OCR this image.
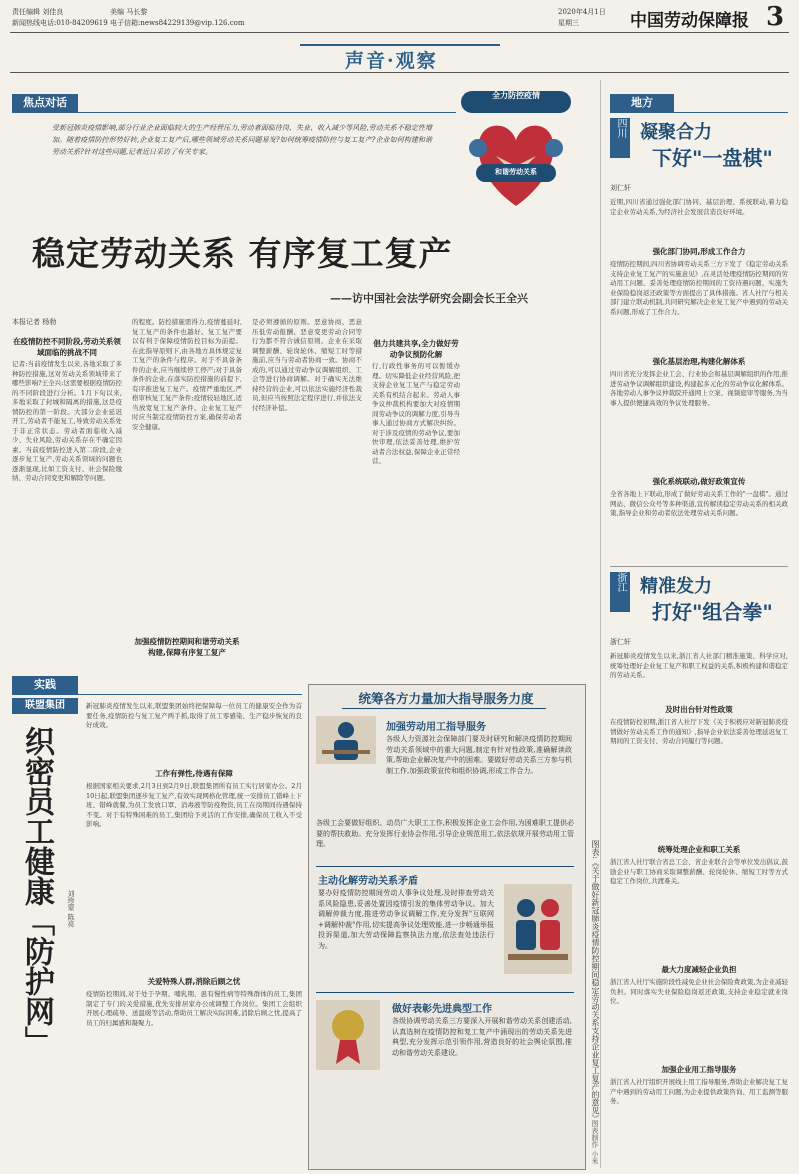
责任编辑 刘佳良
新闻热线电话:010-84209619
美编 马长黎
电子信箱:news84229139@vip.126.com
2020年4月1日
星期三	中国劳动保障报 3
声音·观察
焦点对话
受新冠肺炎疫情影响,部分行业企业面临较大的生产经营压力,劳动者面临待岗、失业、收入减少等风险,劳动关系不稳定性增加。随着疫情防控形势好转,企业复工复产后,哪些领域劳动关系问题易发?如何统筹疫情防控与复工复产?企业如何构建和谐劳动关系?针对这些问题,记者近日采访了有关专家。
全力防控疫情
和谐劳动关系
稳定劳动关系 有序复工复产
——访中国社会法学研究会副会长王全兴
本报记者 杨勃
在疫情防控不同阶段,劳动关系领域面临的挑战不同
记者:当前疫情发生以来,各地采取了多种防控措施,这对劳动关系领域带来了哪些影响?王全兴:这需要根据疫情防控的不同阶段进行分析。1月下旬以来,多地采取了封城和隔离的措施,这是疫情防控的第一阶段。大部分企业延迟开工,劳动者不能复工,导致劳动关系处于非正常状态。劳动者面临收入减少、失业风险,劳动关系存在不确定因素。当前疫情防控进入第二阶段,企业逐步复工复产,劳动关系领域的问题也逐渐显现,比如工资支付、社会保险缴纳、劳动合同变更和解除等问题。
的程度。防控措施需得力,疫情蔓延时,复工复产的条件也越好。复工复产要以有利于保障疫情防控目标为前提。在此指导原则下,由各地方具体规定复工复产的条件与程序。对于不具备条件的企业,应当继续停工停产;对于具备条件的企业,在落实防控措施的前提下,有序推进复工复产。疫情严重地区,严格审核复工复产条件;疫情较轻地区,适当放宽复工复产条件。企业复工复产时应当制定疫情防控方案,确保劳动者安全健康。
加强疫情防控期间和谐劳动关系构建,保障有序复工复产
是必须遵循的原则。恶意协商、恶意压低劳动报酬、恶意变更劳动合同等行为都不符合诚信原则。企业在采取调整薪酬、轮岗轮休、缩短工时等措施前,应当与劳动者协商一致。协商不成的,可以通过劳动争议调解组织、工会等进行协商调解。对于确实无法维持经营的企业,可以依法实施经济性裁员,但应当按照法定程序进行,并依法支付经济补偿。
倡力共建共享,全力做好劳动争议预防化解
行,行政性事务的可以暂缓办理。切实降低企业经营风险,把支持企业复工复产与稳定劳动关系有机结合起来。劳动人事争议仲裁机构要加大对疫情期间劳动争议的调解力度,引导当事人通过协商方式解决纠纷。对于涉及疫情的劳动争议,要加快审理,依法妥善处理,维护劳动者合法权益,保障企业正常经营。
实践
联盟集团
织密员工健康「防护网」 刘珍蒙 陈亮
新冠肺炎疫情发生以来,联盟集团始终把保障每一位员工的健康安全作为首要任务,疫情防控与复工复产两手抓,取得了员工零感染、生产稳步恢复的良好成效。
工作有弹性,待遇有保障
根据国家相关要求,2月3日到2月9日,联盟集团所有员工实行居家办公。2月10日起,联盟集团逐步复工复产,有效实现网格化管理,统一安排员工错峰上下班、错峰就餐,为员工发放口罩、消毒液等防疫物资,员工在岗期间待遇保持不变。对于有特殊困难的员工,集团给予灵活的工作安排,确保员工收入不受影响。
关爱特殊人群,消除后顾之忧
疫情防控期间,对于处于孕期、哺乳期、患有慢性病等特殊群体的员工,集团制定了专门的关爱措施,优先安排居家办公或调整工作岗位。集团工会组织开展心理疏导、送温暖等活动,帮助员工解决实际困难,消除后顾之忧,提高了员工的归属感和凝聚力。
统筹各方力量加大指导服务力度
加强劳动用工指导服务
各级人力资源社会保障部门要及时研究和解决疫情防控期间劳动关系领域中的重大问题,制定有针对性政策,准确解读政策,帮助企业解决复产中的困难。要做好劳动关系三方参与机制工作,加强政策宣传和组织协调,形成工作合力。
各级工会要做好组织、动员广大职工工作,积极发挥企业工会作用,为困难职工提供必要的帮扶救助。充分发挥行业协会作用,引导企业规范用工,依法依规开展劳动用工管理。
主动化解劳动关系矛盾
要办好疫情防控期间劳动人事争议处理,及时排查劳动关系风险隐患,妥善处置因疫情引发的集体劳动争议。加大调解仲裁力度,推进劳动争议调解工作,充分发挥"互联网+调解仲裁"作用,切实提高争议处理效能,进一步畅通举报投诉渠道,加大劳动保障监察执法力度,依法查处违法行为。
做好表彰先进典型工作
各级协调劳动关系三方要深入开展和谐劳动关系创建活动,认真选树在疫情防控和复工复产中涌现出的劳动关系先进典型,充分发挥示范引领作用,营造良好的社会舆论氛围,推动和谐劳动关系建设。	图表:《关于做好新冠肺炎疫情防控期间稳定劳动关系支持企业复工复产的意见》
图表制作 小米
地方
四川 凝聚合力
下好"一盘棋"
刘仁轩
近期,四川省通过强化部门协同、基层治理、系统联动,着力稳定企业劳动关系,为经济社会发展营造良好环境。
强化部门协同,形成工作合力
疫情防控期间,四川省协调劳动关系三方下发了《稳定劳动关系支持企业复工复产的实施意见》,在灵活处理疫情防控期间的劳动用工问题、妥善处理疫情防控期间的工资待遇问题、实施失业保险稳岗返还政策等方面提出了具体措施。省人社厅与相关部门建立联动机制,共同研究解决企业复工复产中遇到的劳动关系问题,形成了工作合力。
强化基层治理,构建化解体系
四川省充分发挥企业工会、行业协会和基层调解组织的作用,推进劳动争议调解组织建设,构建起多元化的劳动争议化解体系。各地劳动人事争议仲裁院开通网上立案、视频庭审等服务,为当事人提供便捷高效的争议处理服务。
强化系统联动,做好政策宣传
全省各地上下联动,形成了做好劳动关系工作的"一盘棋"。通过网站、微信公众号等多种渠道,宣传解读稳定劳动关系的相关政策,指导企业和劳动者依法处理劳动关系问题。
浙江 精准发力
打好"组合拳"
浙仁轩
新冠肺炎疫情发生以来,浙江省人社部门精准施策、科学应对,统筹处理好企业复工复产和职工权益的关系,积极构建和谐稳定的劳动关系。
及时出台针对性政策
在疫情防控初期,浙江省人社厅下发《关于积极应对新冠肺炎疫情做好劳动关系工作的通知》,指导企业依法妥善处理延迟复工期间的工资支付、劳动合同履行等问题。
统筹处理企业和职工关系
浙江省人社厅联合省总工会、省企业联合会等单位发出倡议,鼓励企业与职工协商采取调整薪酬、轮岗轮休、缩短工时等方式稳定工作岗位,共渡难关。
最大力度减轻企业负担
浙江省人社厅实施阶段性减免企业社会保险费政策,为企业减轻负担。同时落实失业保险稳岗返还政策,支持企业稳定就业岗位。
加强企业用工指导服务
浙江省人社厅组织开展线上用工指导服务,帮助企业解决复工复产中遇到的劳动用工问题,为企业提供政策咨询、用工监测等服务。
